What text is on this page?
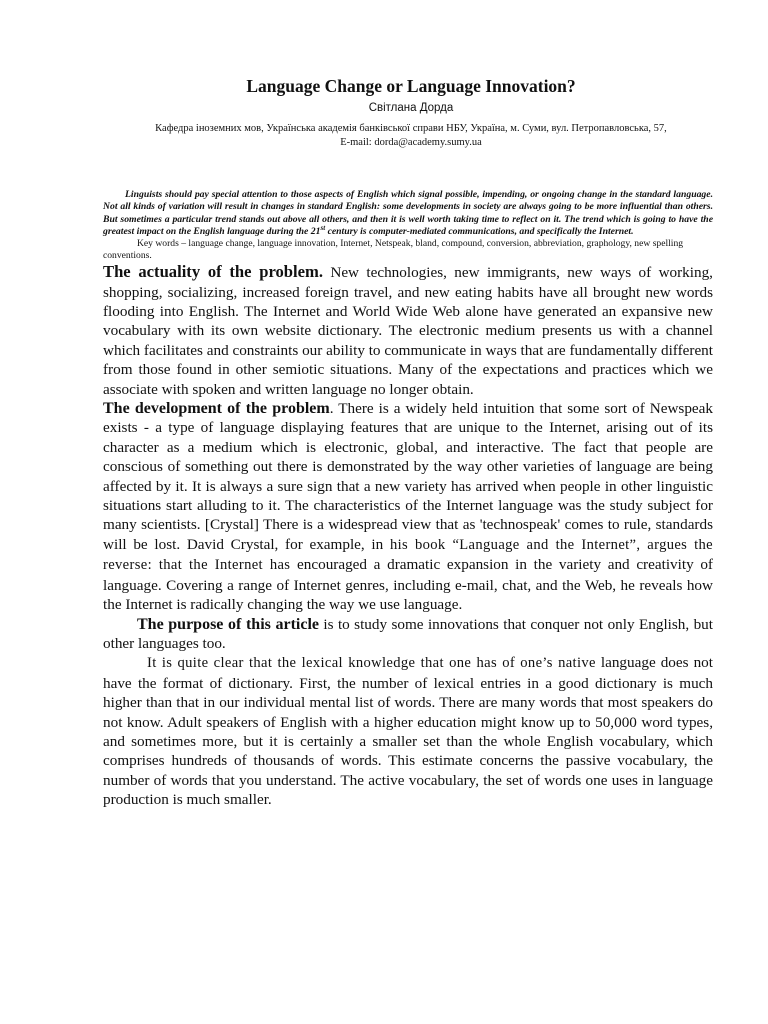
Language Change or Language Innovation?
Світлана Дорда
Кафедра іноземних мов, Українська академія банківської справи НБУ, Україна, м. Суми, вул. Петропавловська, 57,
E-mail: dorda@academy.sumy.ua
Linguists should pay special attention to those aspects of English which signal possible, impending, or ongoing change in the standard language. Not all kinds of variation will result in changes in standard English: some developments in society are always going to be more influential than others. But sometimes a particular trend stands out above all others, and then it is well worth taking time to reflect on it. The trend which is going to have the greatest impact on the English language during the 21st century is computer-mediated communications, and specifically the Internet.

Key words – language change, language innovation, Internet, Netspeak, bland, compound, conversion, abbreviation, graphology, new spelling conventions.

The actuality of the problem. New technologies, new immigrants, new ways of working, shopping, socializing, increased foreign travel, and new eating habits have all brought new words flooding into English. The Internet and World Wide Web alone have generated an expansive new vocabulary with its own website dictionary. The electronic medium presents us with a channel which facilitates and constraints our ability to communicate in ways that are fundamentally different from those found in other semiotic situations. Many of the expectations and practices which we associate with spoken and written language no longer obtain.

The development of the problem. There is a widely held intuition that some sort of Newspeak exists - a type of language displaying features that are unique to the Internet, arising out of its character as a medium which is electronic, global, and interactive. The fact that people are conscious of something out there is demonstrated by the way other varieties of language are being affected by it. It is always a sure sign that a new variety has arrived when people in other linguistic situations start alluding to it. The characteristics of the Internet language was the study subject for many scientists. [Crystal] There is a widespread view that as 'technospeak' comes to rule, standards will be lost. David Crystal, for example, in his book “Language and the Internet”, argues the reverse: that the Internet has encouraged a dramatic expansion in the variety and creativity of language. Covering a range of Internet genres, including e-mail, chat, and the Web, he reveals how the Internet is radically changing the way we use language.

The purpose of this article is to study some innovations that conquer not only English, but other languages too.

It is quite clear that the lexical knowledge that one has of one’s native language does not have the format of dictionary. First, the number of lexical entries in a good dictionary is much higher than that in our individual mental list of words. There are many words that most speakers do not know. Adult speakers of English with a higher education might know up to 50,000 word types, and sometimes more, but it is certainly a smaller set than the whole English vocabulary, which comprises hundreds of thousands of words. This estimate concerns the passive vocabulary, the number of words that you understand. The active vocabulary, the set of words one uses in language production is much smaller.
